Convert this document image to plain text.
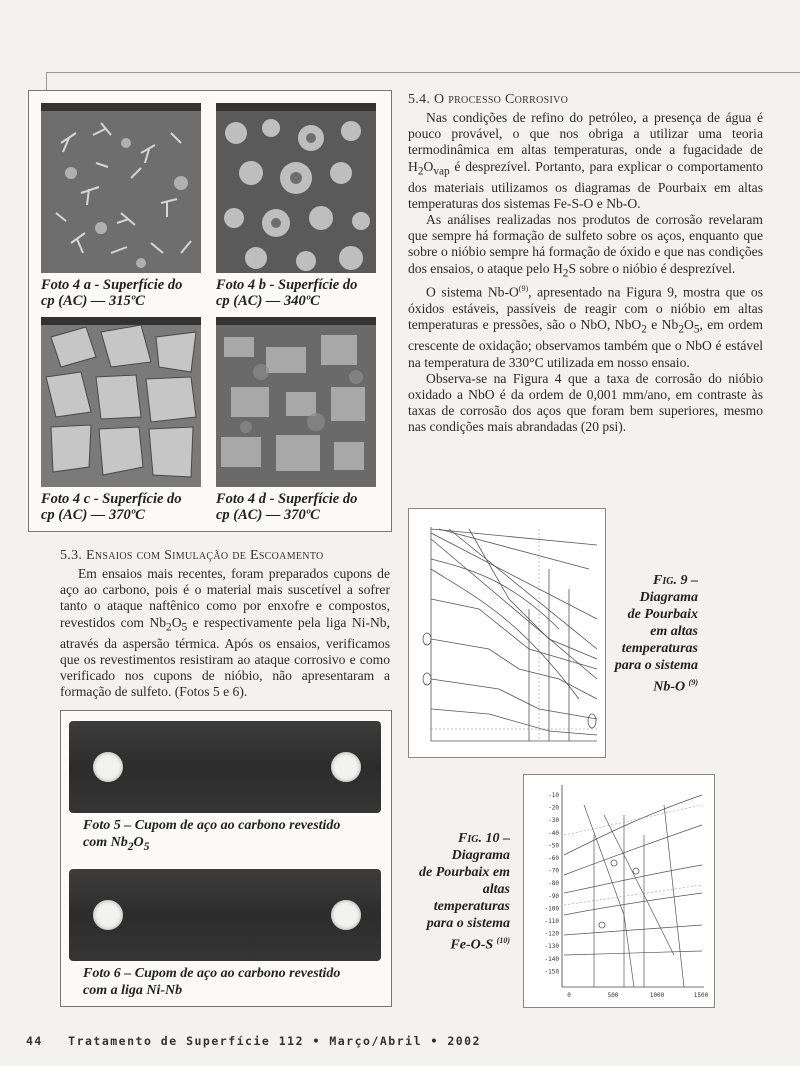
Foto 4 a - Superfície do
cp (AC) — 315ºC
Foto 4 b - Superfície do
cp (AC) — 340ºC
Foto 4 c - Superfície do
cp (AC) — 370ºC
Foto 4 d - Superfície do
cp (AC) — 370ºC
5.4. O processo Corrosivo

Nas condições de refino do petróleo, a presença de água é pouco provável, o que nos obriga a utilizar uma teoria termodinâmica em altas temperaturas, onde a fugacidade de $H_2O_{vap}$ é desprezível. Portanto, para explicar o comportamento dos materiais utilizamos os diagramas de Pourbaix em altas temperaturas dos sistemas Fe-S-O e Nb-O.

As análises realizadas nos produtos de corrosão revelaram que sempre há formação de sulfeto sobre os aços, enquanto que sobre o nióbio sempre há formação de óxido e que nas condições dos ensaios, o ataque pelo $H_2S$ sobre o nióbio é desprezível.

O sistema $Nb-O^{(9)}$, apresentado na Figura 9, mostra que os óxidos estáveis, passíveis de reagir com o nióbio em altas temperaturas e pressões, são o NbO, NbO$_2$ e $Nb_2O_5$, em ordem crescente de oxidação; observamos também que o NbO é estável na temperatura de 330°C utilizada em nosso ensaio.

Observa-se na Figura 4 que a taxa de corrosão do nióbio oxidado a NbO é da ordem de 0,001 mm/ano, em contraste às taxas de corrosão dos aços que foram bem superiores, mesmo nas condições mais abrandadas (20 psi).

5.3. Ensaios com Simulação de Escoamento

Em ensaios mais recentes, foram preparados cupons de aço ao carbono, pois é o material mais suscetível a sofrer tanto o ataque naftênico como por enxofre e compostos, revestidos com $Nb_2O_5$ e respectivamente pela liga Ni-Nb, através da aspersão térmica. Após os ensaios, verificamos que os revestimentos resistiram ao ataque corrosivo e como verificado nos cupons de nióbio, não apresentaram a formação de sulfeto. (Fotos 5 e 6).

Foto 5 – Cupom de aço ao carbono revestido
com $Nb_2O_5$
Foto 6 – Cupom de aço ao carbono revestido
com a liga Ni-Nb
Fig. 9 –
Diagrama
de Pourbaix
em altas
temperaturas
para o sistema
Nb-O $^{(9)}$
-10
-20
-30
-40
-50
-60
-70
-80
-90
-100
-110
-120
-130
-140
-150
0	500	1000	1500
Fig. 10 –
Diagrama
de Pourbaix em
altas
temperaturas
para o sistema
Fe-O-S $^{(10)}$
44 Tratamento de Superfície 112 • Março/Abril • 2002
